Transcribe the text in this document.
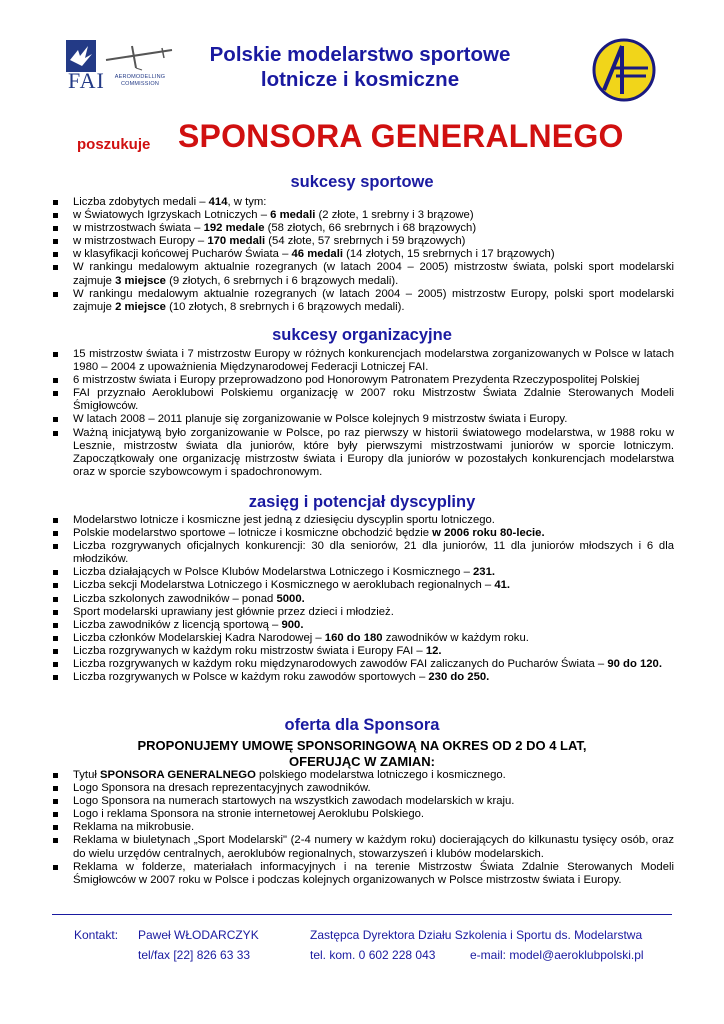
FAI	AEROMODELLING COMMISSION
Polskie modelarstwo sportowe
lotnicze i kosmiczne
poszukuje SPONSORA GENERALNEGO
sukcesy sportowe
Liczba zdobytych medali – 414, w tym:
w Światowych Igrzyskach Lotniczych – 6 medali (2 złote, 1 srebrny i 3 brązowe)
w mistrzostwach świata – 192 medale (58 złotych, 66 srebrnych i 68 brązowych)
w mistrzostwach Europy – 170 medali (54 złote, 57 srebrnych i 59 brązowych)
w klasyfikacji końcowej Pucharów Świata – 46 medali (14 złotych, 15 srebrnych i 17 brązowych)
W rankingu medalowym aktualnie rozegranych (w latach 2004 – 2005) mistrzostw świata, polski sport modelarski zajmuje 3 miejsce (9 złotych, 6 srebrnych i 6 brązowych medali).
W rankingu medalowym aktualnie rozegranych (w latach 2004 – 2005) mistrzostw Europy, polski sport modelarski zajmuje 2 miejsce (10 złotych, 8 srebrnych i 6 brązowych medali).
sukcesy organizacyjne
15 mistrzostw świata i 7 mistrzostw Europy w różnych konkurencjach modelarstwa zorganizowanych w Polsce w latach 1980 – 2004 z upoważnienia Międzynarodowej Federacji Lotniczej FAI.
6 mistrzostw świata i Europy przeprowadzono pod Honorowym Patronatem Prezydenta Rzeczypospolitej Polskiej
FAI przyznało Aeroklubowi Polskiemu organizację w 2007 roku Mistrzostw Świata Zdalnie Sterowanych Modeli Śmigłowców.
W latach 2008 – 2011 planuje się zorganizowanie w Polsce kolejnych 9 mistrzostw świata i Europy.
Ważną inicjatywą było zorganizowanie w Polsce, po raz pierwszy w historii światowego modelarstwa, w 1988 roku w Lesznie, mistrzostw świata dla juniorów, które były pierwszymi mistrzostwami juniorów w sporcie lotniczym. Zapoczątkowały one organizację mistrzostw świata i Europy dla juniorów w pozostałych konkurencjach modelarstwa oraz w sporcie szybowcowym i spadochronowym.
zasięg i potencjał dyscypliny
Modelarstwo lotnicze i kosmiczne jest jedną z dziesięciu dyscyplin sportu lotniczego.
Polskie modelarstwo sportowe – lotnicze i kosmiczne obchodzić będzie w 2006 roku 80-lecie.
Liczba rozgrywanych oficjalnych konkurencji: 30 dla seniorów, 21 dla juniorów, 11 dla juniorów młodszych i 6 dla młodzików.
Liczba działających w Polsce Klubów Modelarstwa Lotniczego i Kosmicznego – 231.
Liczba sekcji Modelarstwa Lotniczego i Kosmicznego w aeroklubach regionalnych – 41.
Liczba szkolonych zawodników – ponad 5000.
Sport modelarski uprawiany jest głównie przez dzieci i młodzież.
Liczba zawodników z licencją sportową – 900.
Liczba członków Modelarskiej Kadra Narodowej – 160 do 180 zawodników w każdym roku.
Liczba rozgrywanych w każdym roku mistrzostw świata i Europy FAI – 12.
Liczba rozgrywanych w każdym roku międzynarodowych zawodów FAI zaliczanych do Pucharów Świata – 90 do 120.
Liczba rozgrywanych w Polsce w każdym roku zawodów sportowych – 230 do 250.
oferta dla Sponsora
PROPONUJEMY UMOWĘ SPONSORINGOWĄ NA OKRES OD 2 DO 4 LAT,
OFERUJĄC W ZAMIAN:
Tytuł SPONSORA GENERALNEGO polskiego modelarstwa lotniczego i kosmicznego.
Logo Sponsora na dresach reprezentacyjnych zawodników.
Logo Sponsora na numerach startowych na wszystkich zawodach modelarskich w kraju.
Logo i reklama Sponsora na stronie internetowej Aeroklubu Polskiego.
Reklama na mikrobusie.
Reklama w biuletynach „Sport Modelarski" (2-4 numery w każdym roku) docierających do kilkunastu tysięcy osób, oraz do wielu urzędów centralnych, aeroklubów regionalnych, stowarzyszeń i klubów modelarskich.
Reklama w folderze, materiałach informacyjnych i na terenie Mistrzostw Świata Zdalnie Sterowanych Modeli Śmigłowców w 2007 roku w Polsce i podczas kolejnych organizowanych w Polsce mistrzostw świata i Europy.
Kontakt: Paweł WŁODARCZYK	Zastępca Dyrektora Działu Szkolenia i Sportu ds. Modelarstwa
tel/fax [22] 826 63 33	tel. kom. 0 602 228 043	e-mail: model@aeroklubpolski.pl
